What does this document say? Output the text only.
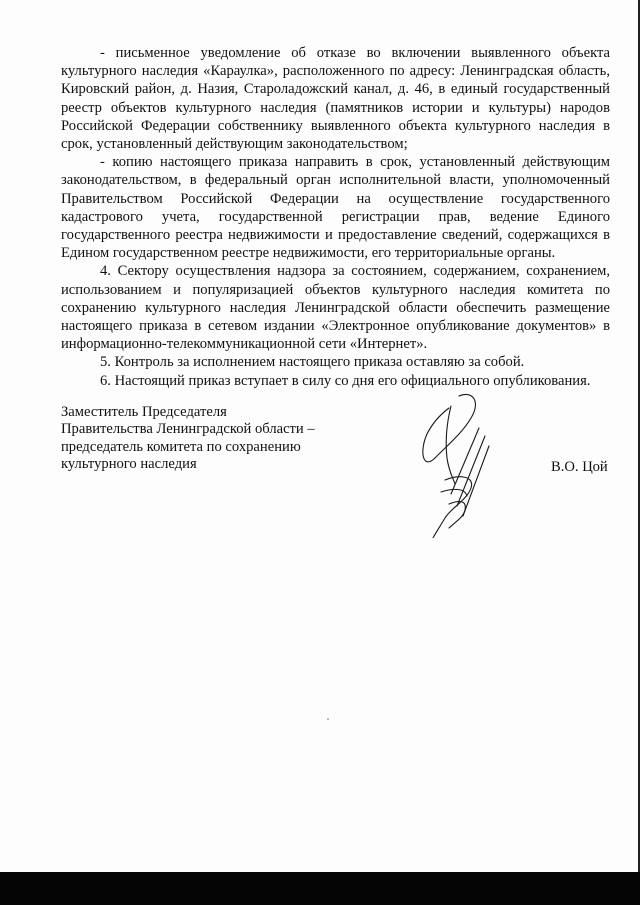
- письменное уведомление об отказе во включении выявленного объекта культурного наследия «Караулка», расположенного по адресу: Ленинградская область, Кировский район, д. Назия, Староладожский канал, д. 46, в единый государственный реестр объектов культурного наследия (памятников истории и культуры) народов Российской Федерации собственнику выявленного объекта культурного наследия в срок, установленный действующим законодательством;

- копию настоящего приказа направить в срок, установленный действующим законодательством, в федеральный орган исполнительной власти, уполномоченный Правительством Российской Федерации на осуществление государственного кадастрового учета, государственной регистрации прав, ведение Единого государственного реестра недвижимости и предоставление сведений, содержащихся в Едином государственном реестре недвижимости, его территориальные органы.

4. Сектору осуществления надзора за состоянием, содержанием, сохранением, использованием и популяризацией объектов культурного наследия комитета по сохранению культурного наследия Ленинградской области обеспечить размещение настоящего приказа в сетевом издании «Электронное опубликование документов» в информационно-телекоммуникационной сети «Интернет».

5. Контроль за исполнением настоящего приказа оставляю за собой.

6. Настоящий приказ вступает в силу со дня его официального опубликования.

Заместитель Председателя
Правительства Ленинградской области –
председатель комитета по сохранению
культурного наследия	В.О. Цой
